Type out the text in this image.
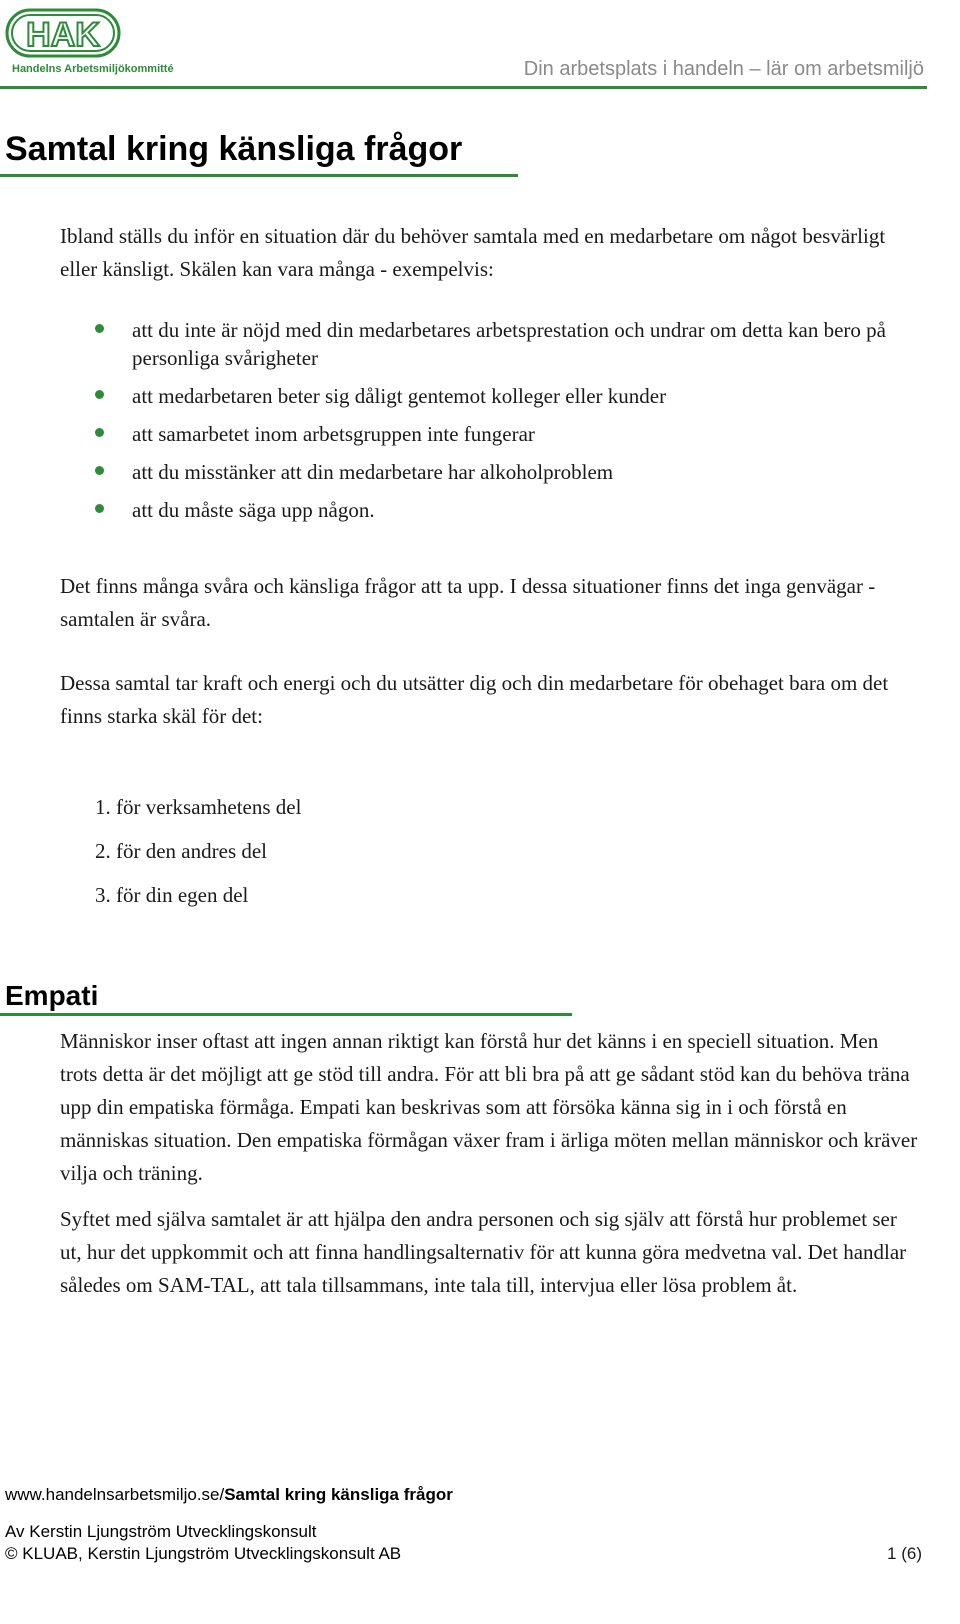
HAK
Handelns Arbetsmiljökommitté	Din arbetsplats i handeln – lär om arbetsmiljö
Samtal kring känsliga frågor

Ibland ställs du inför en situation där du behöver samtala med en medarbetare om något besvärligt eller känsligt. Skälen kan vara många - exempelvis:

att du inte är nöjd med din medarbetares arbetsprestation och undrar om detta kan bero på personliga svårigheter
att medarbetaren beter sig dåligt gentemot kolleger eller kunder
att samarbetet inom arbetsgruppen inte fungerar
att du misstänker att din medarbetare har alkoholproblem
att du måste säga upp någon.

Det finns många svåra och känsliga frågor att ta upp. I dessa situationer finns det inga genvägar - samtalen är svåra.

Dessa samtal tar kraft och energi och du utsätter dig och din medarbetare för obehaget bara om det finns starka skäl för det:

1. för verksamhetens del
2. för den andres del
3. för din egen del
Empati

Människor inser oftast att ingen annan riktigt kan förstå hur det känns i en speciell situation. Men trots detta är det möjligt att ge stöd till andra. För att bli bra på att ge sådant stöd kan du behöva träna upp din empatiska förmåga. Empati kan beskrivas som att försöka känna sig in i och förstå en människas situation. Den empatiska förmågan växer fram i ärliga möten mellan människor och kräver vilja och träning.

Syftet med själva samtalet är att hjälpa den andra personen och sig själv att förstå hur problemet ser ut, hur det uppkommit och att finna handlingsalternativ för att kunna göra medvetna val. Det handlar således om SAM-TAL, att tala tillsammans, inte tala till, intervjua eller lösa problem åt.

www.handelnsarbetsmiljo.se/Samtal kring känsliga frågor
Av Kerstin Ljungström Utvecklingskonsult
© KLUAB, Kerstin Ljungström Utvecklingskonsult AB	1 (6)
